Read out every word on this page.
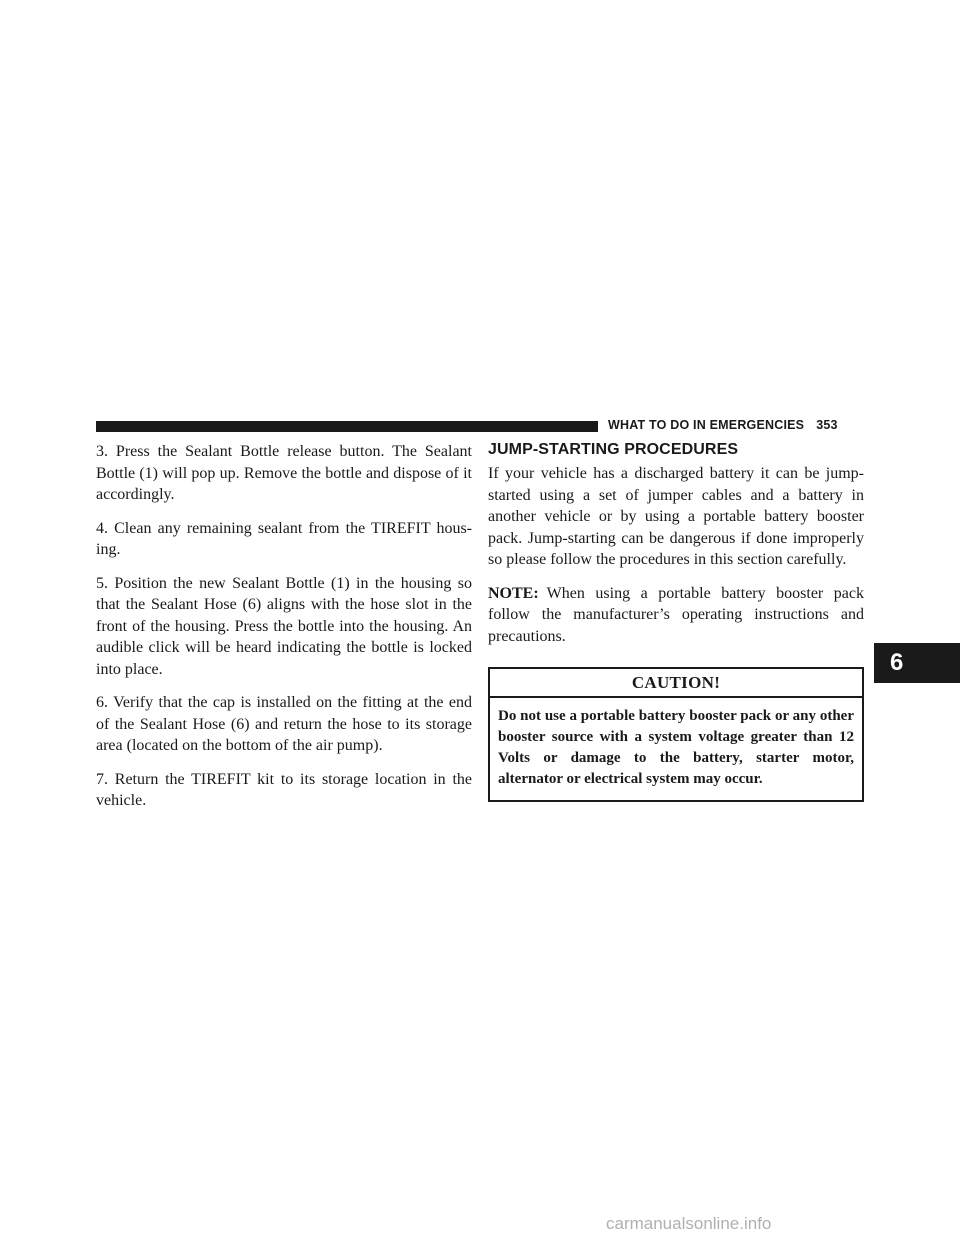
WHAT TO DO IN EMERGENCIES 353

3. Press the Sealant Bottle release button. The Sealant Bottle (1) will pop up. Remove the bottle and dispose of it accordingly.

4. Clean any remaining sealant from the TIREFIT hous-ing.

5. Position the new Sealant Bottle (1) in the housing so that the Sealant Hose (6) aligns with the hose slot in the front of the housing. Press the bottle into the housing. An audible click will be heard indicating the bottle is locked into place.

6. Verify that the cap is installed on the fitting at the end of the Sealant Hose (6) and return the hose to its storage area (located on the bottom of the air pump).

7. Return the TIREFIT kit to its storage location in the vehicle.

JUMP-STARTING PROCEDURES

If your vehicle has a discharged battery it can be jump-started using a set of jumper cables and a battery in another vehicle or by using a portable battery booster pack. Jump-starting can be dangerous if done improperly so please follow the procedures in this section carefully.

NOTE: When using a portable battery booster pack follow the manufacturer’s operating instructions and precautions.

CAUTION!
Do not use a portable battery booster pack or any other booster source with a system voltage greater than 12 Volts or damage to the battery, starter motor, alternator or electrical system may occur.
6
carmanualsonline.info
